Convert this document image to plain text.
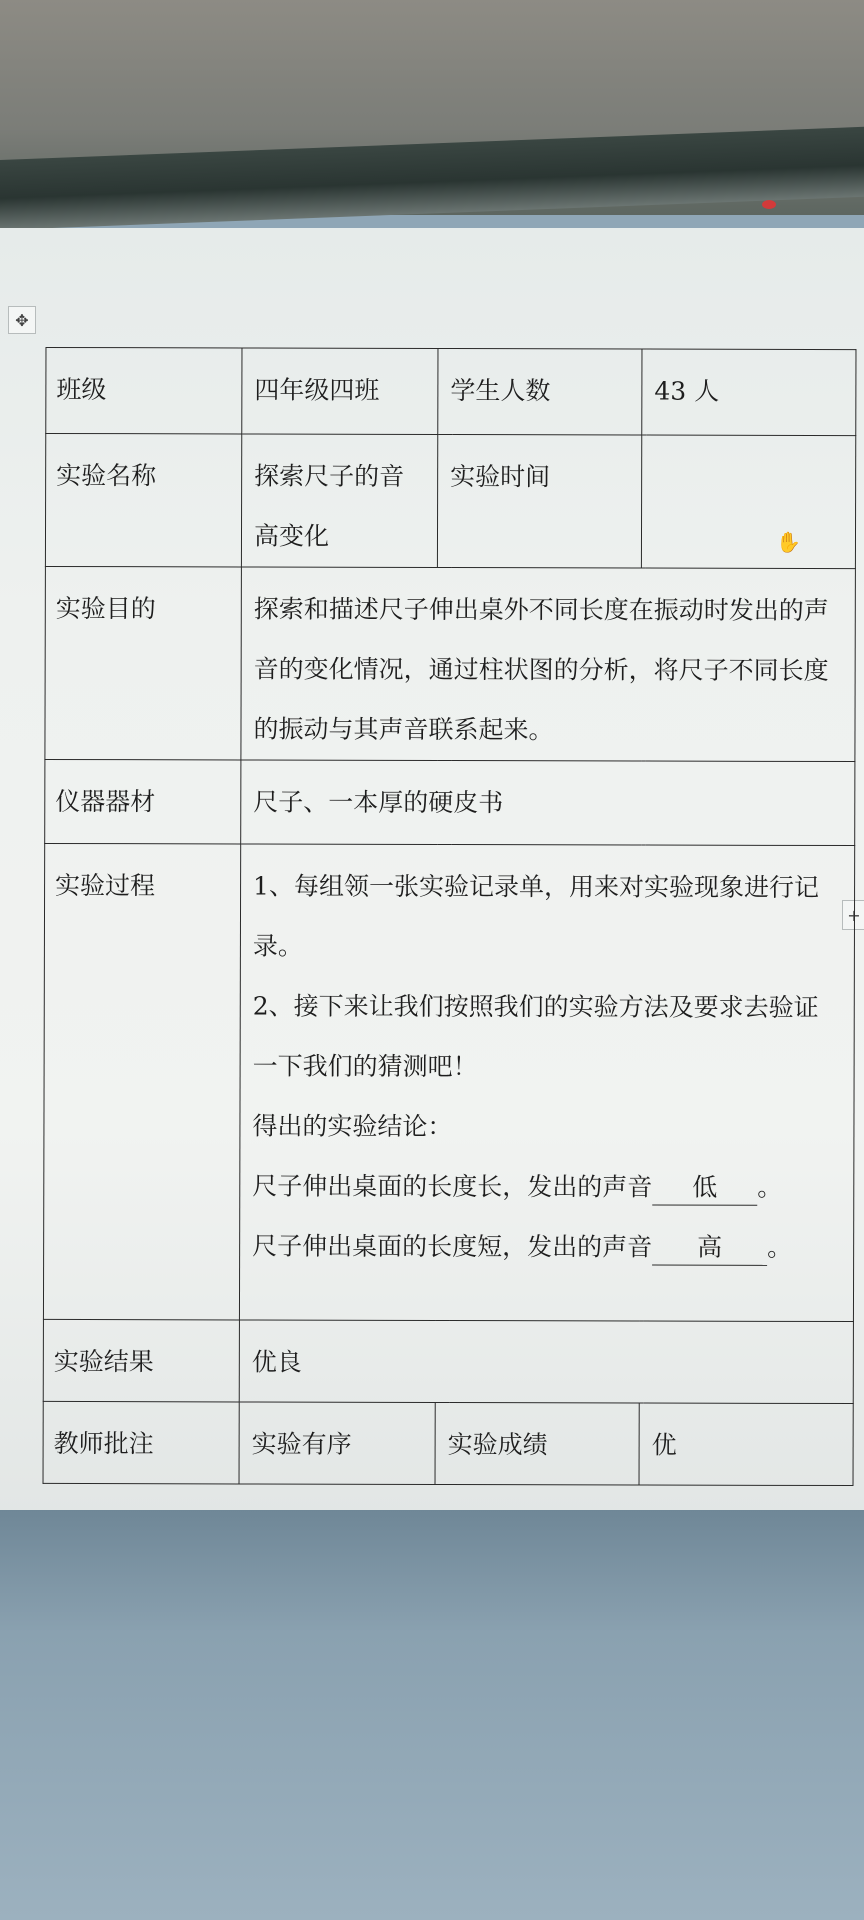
✥
+
✋
班级	四年级四班	学生人数	43 人
实验名称	探索尺子的音高变化	实验时间	
实验目的	探索和描述尺子伸出桌外不同长度在振动时发出的声音的变化情况，通过柱状图的分析，将尺子不同长度的振动与其声音联系起来。		
仪器器材	尺子、一本厚的硬皮书		
实验过程	1、每组领一张实验记录单，用来对实验现象进行记录。
2、接下来让我们按照我们的实验方法及要求去验证一下我们的猜测吧！
得出的实验结论：
尺子伸出桌面的长度长，发出的声音 低 。
尺子伸出桌面的长度短，发出的声音 高 。		

实验结果	优良		
教师批注	实验有序	实验成绩	优
